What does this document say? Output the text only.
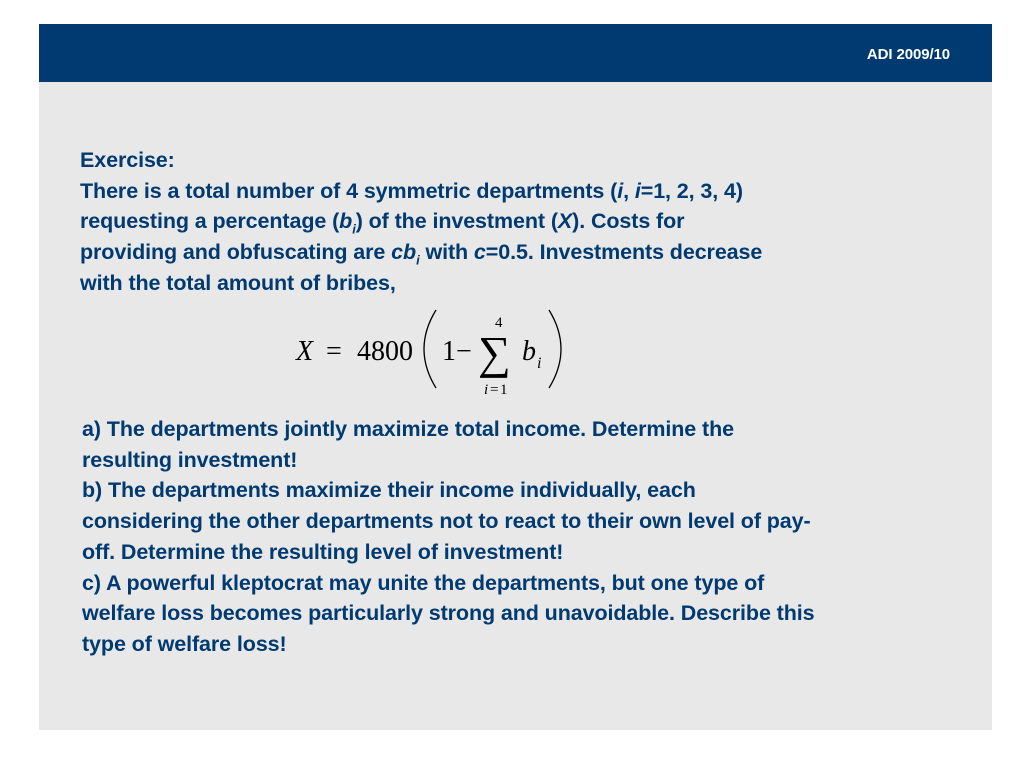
ADI 2009/10
Exercise:
There is a total number of 4 symmetric departments (i, i=1, 2, 3, 4)
requesting a percentage $(b_i)$ of the investment (X). Costs for
providing and obfuscating are $cb_i$ with c=0.5. Investments decrease
with the total amount of bribes,
X = 4800 1 −
4
∑
i = 1
b i
a) The departments jointly maximize total income. Determine the
resulting investment!
b) The departments maximize their income individually, each
considering the other departments not to react to their own level of pay-
off. Determine the resulting level of investment!
c) A powerful kleptocrat may unite the departments, but one type of
welfare loss becomes particularly strong and unavoidable. Describe this
type of welfare loss!
